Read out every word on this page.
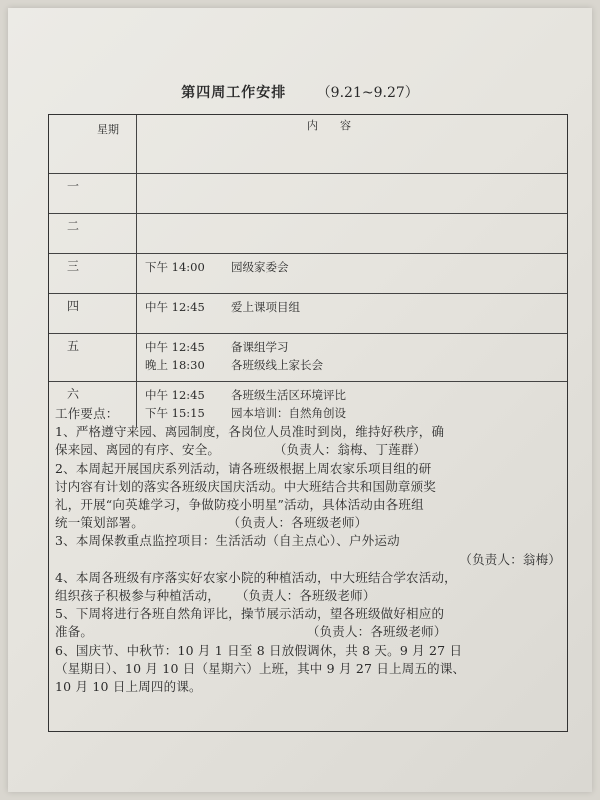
第四周工作安排 （9.21~9.27）
星期	内容
一
二
三	下午 14:00 园级家委会
四	中午 12:45 爱上课项目组
五	中午 12:45 备课组学习
晚上 18:30 各班级线上家长会
六	中午 12:45 各班级生活区环境评比
下午 15:15 园本培训：自然角创设

工作要点：

1、严格遵守来园、离园制度，各岗位人员准时到岗，维持好秩序，确

保来园、离园的有序、安全。	（负责人：翁梅、丁莲群）

2、本周起开展国庆系列活动，请各班级根据上周农家乐项目组的研

讨内容有计划的落实各班级庆国庆活动。中大班结合共和国勋章颁奖

礼，开展“向英雄学习，争做防疫小明星”活动，具体活动由各班组

统一策划部署。	（负责人：各班级老师）

3、本周保教重点监控项目：生活活动（自主点心）、户外运动

（负责人：翁梅）

4、本周各班级有序落实好农家小院的种植活动，中大班结合学农活动，

组织孩子积极参与种植活动， （负责人：各班级老师）

5、下周将进行各班自然角评比，操节展示活动，望各班级做好相应的

准备。	（负责人：各班级老师）

6、国庆节、中秋节：10 月 1 日至 8 日放假调休，共 8 天。9 月 27 日

（星期日）、10 月 10 日（星期六）上班，其中 9 月 27 日上周五的课、

10 月 10 日上周四的课。
